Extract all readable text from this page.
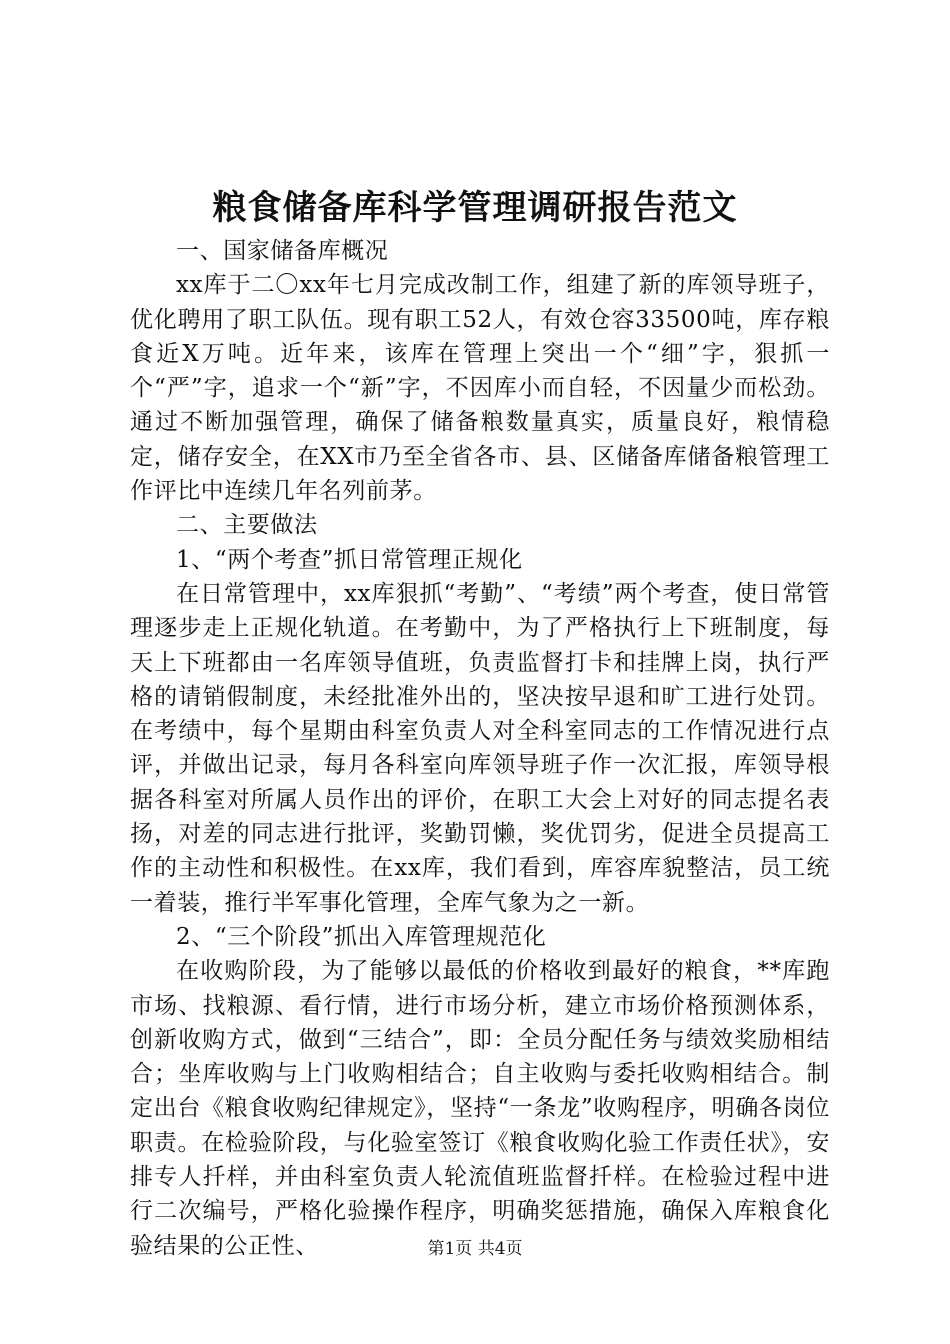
粮食储备库科学管理调研报告范文

一、国家储备库概况

xx库于二〇xx年七月完成改制工作，组建了新的库领导班子，优化聘用了职工队伍。现有职工52人，有效仓容33500吨，库存粮食近X万吨。近年来，该库在管理上突出一个“细”字，狠抓一个“严”字，追求一个“新”字，不因库小而自轻，不因量少而松劲。通过不断加强管理，确保了储备粮数量真实，质量良好，粮情稳定，储存安全，在XX市乃至全省各市、县、区储备库储备粮管理工作评比中连续几年名列前茅。

二、主要做法

1、“两个考查”抓日常管理正规化

在日常管理中，xx库狠抓“考勤”、“考绩”两个考查，使日常管理逐步走上正规化轨道。在考勤中，为了严格执行上下班制度，每天上下班都由一名库领导值班，负责监督打卡和挂牌上岗，执行严格的请销假制度，未经批准外出的，坚决按早退和旷工进行处罚。在考绩中，每个星期由科室负责人对全科室同志的工作情况进行点评，并做出记录，每月各科室向库领导班子作一次汇报，库领导根据各科室对所属人员作出的评价，在职工大会上对好的同志提名表扬，对差的同志进行批评，奖勤罚懒，奖优罚劣，促进全员提高工作的主动性和积极性。在xx库，我们看到，库容库貌整洁，员工统一着装，推行半军事化管理，全库气象为之一新。

2、“三个阶段”抓出入库管理规范化

在收购阶段，为了能够以最低的价格收到最好的粮食，**库跑市场、找粮源、看行情，进行市场分析，建立市场价格预测体系，创新收购方式，做到“三结合”，即：全员分配任务与绩效奖励相结合；坐库收购与上门收购相结合；自主收购与委托收购相结合。制定出台《粮食收购纪律规定》，坚持“一条龙”收购程序，明确各岗位职责。在检验阶段，与化验室签订《粮食收购化验工作责任状》，安排专人扦样，并由科室负责人轮流值班监督扦样。在检验过程中进行二次编号，严格化验操作程序，明确奖惩措施，确保入库粮食化验结果的公正性、	第1页 共4页
